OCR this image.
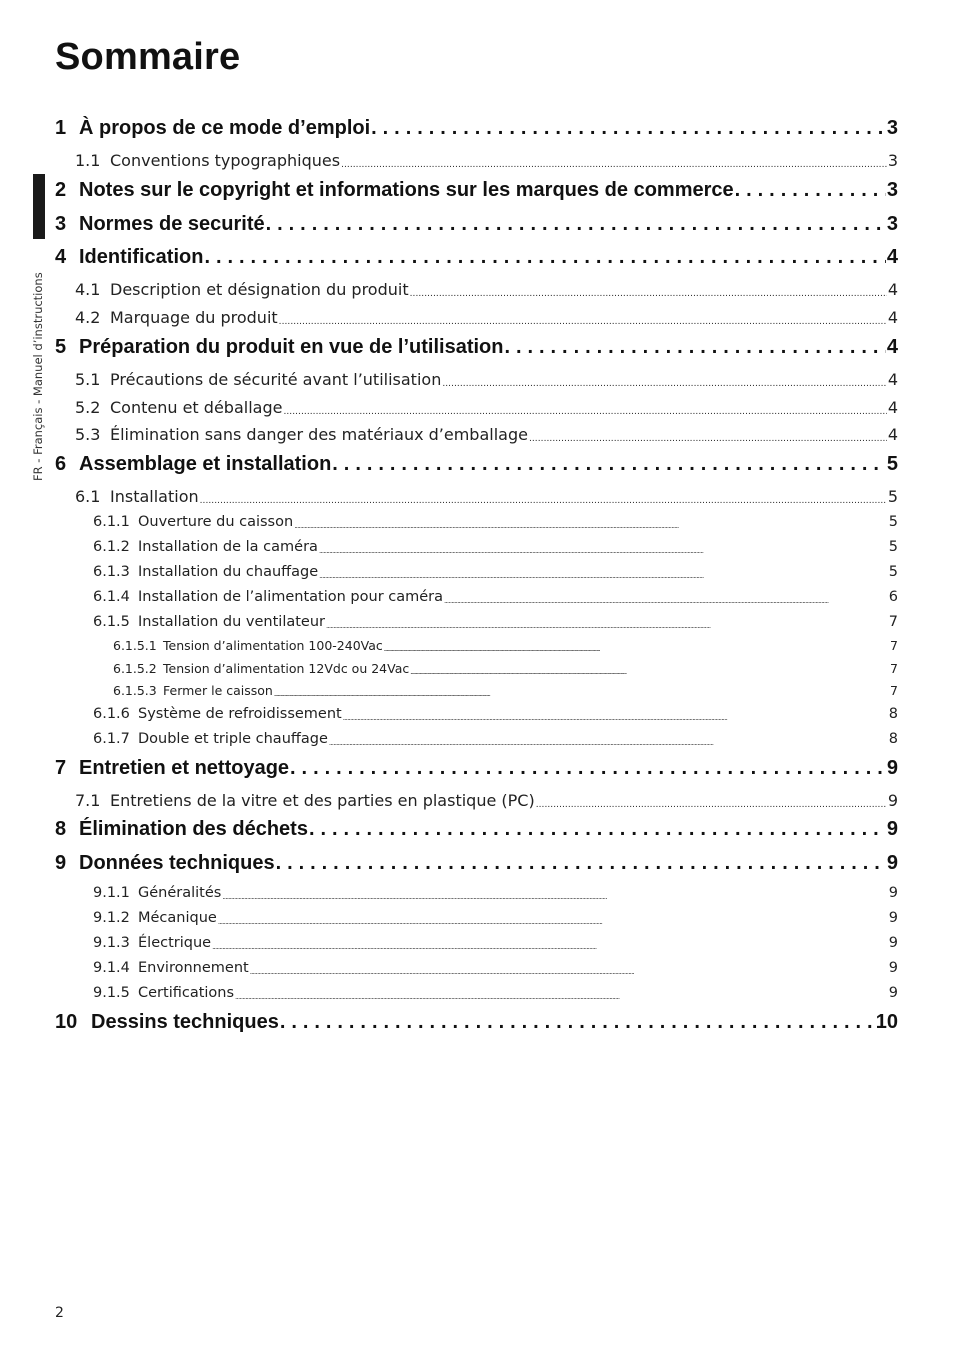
Sommaire
FR - Français - Manuel d’instructions
1 À propos de ce mode d’emploi . . .	3
1.1 Conventions typographiques . . .	3
2 Notes sur le copyright et informations sur les marques de commerce . . .	3
3 Normes de securité . . .	3
4 Identification . . .	4
4.1 Description et désignation du produit . . .	4
4.2 Marquage du produit . . .	4
5 Préparation du produit en vue de l’utilisation . . .	4
5.1 Précautions de sécurité avant l’utilisation . . .	4
5.2 Contenu et déballage . . .	4
5.3 Élimination sans danger des matériaux d’emballage . . .	4
6 Assemblage et installation . . .	5
6.1 Installation . . .	5
6.1.1 Ouverture du caisson . . .	5
6.1.2 Installation de la caméra . . .	5
6.1.3 Installation du chauffage . . .	5
6.1.4 Installation de l’alimentation pour caméra . . .	6
6.1.5 Installation du ventilateur . . .	7
6.1.5.1 Tension d’alimentation 100-240Vac . . .	7
6.1.5.2 Tension d’alimentation 12Vdc ou 24Vac . . .	7
6.1.5.3 Fermer le caisson . . .	7
6.1.6 Système de refroidissement . . .	8
6.1.7 Double et triple chauffage . . .	8
7 Entretien et nettoyage . . .	9
7.1 Entretiens de la vitre et des parties en plastique (PC) . . .	9
8 Élimination des déchets . . .	9
9 Données techniques . . .	9
9.1.1 Généralités . . .	9
9.1.2 Mécanique . . .	9
9.1.3 Électrique . . .	9
9.1.4 Environnement . . .	9
9.1.5 Certifications . . .	9
10 Dessins techniques . . .	10
2
